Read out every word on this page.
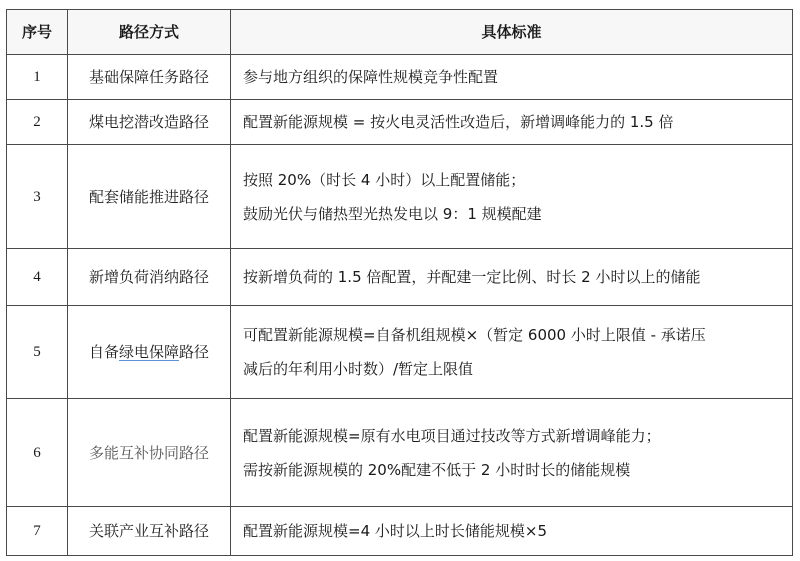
序号	路径方式	具体标准
1	基础保障任务路径	参与地方组织的保障性规模竞争性配置

2	煤电挖潜改造路径	配置新能源规模 = 按火电灵活性改造后，新增调峰能力的 1.5 倍

3	配套储能推进路径	按照 20%（时长 4 小时）以上配置储能；
鼓励光伏与储热型光热发电以 9：1 规模配建

4	新增负荷消纳路径	按新增负荷的 1.5 倍配置，并配建一定比例、时长 2 小时以上的储能

5	自备绿电保障路径	可配置新能源规模=自备机组规模×（暂定 6000 小时上限值 - 承诺压
减后的年利用小时数）/暂定上限值

6	多能互补协同路径	配置新能源规模=原有水电项目通过技改等方式新增调峰能力；
需按新能源规模的 20%配建不低于 2 小时时长的储能规模

7	关联产业互补路径	配置新能源规模=4 小时以上时长储能规模×5
